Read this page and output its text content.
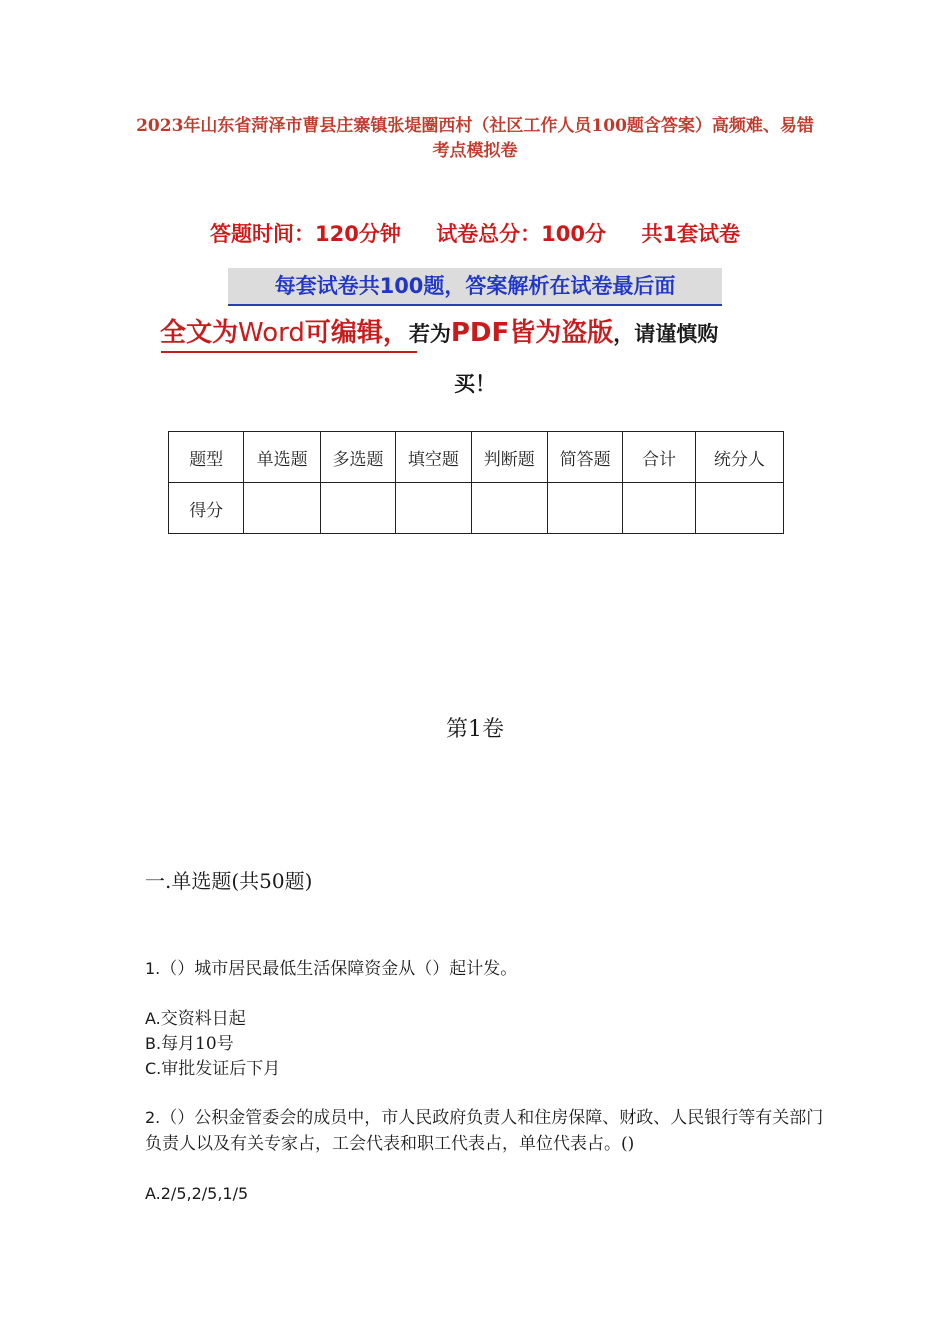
2023年山东省菏泽市曹县庄寨镇张堤圈西村（社区工作人员100题含答案）高频难、易错考点模拟卷
答题时间：120分钟 试卷总分：100分 共1套试卷
每套试卷共100题，答案解析在试卷最后面
全文为Word可编辑，若为PDF皆为盗版，请谨慎购
买！
题型	单选题	多选题	填空题	判断题	简答题	合计	统分人
得分							
第1卷
一.单选题(共50题)
1.（）城市居民最低生活保障资金从（）起计发。
A.交资料日起
B.每月10号
C.审批发证后下月
2.（）公积金管委会的成员中，市人民政府负责人和住房保障、财政、人民银行等有关部门负责人以及有关专家占，工会代表和职工代表占，单位代表占。()
A.2/5,2/5,1/5
